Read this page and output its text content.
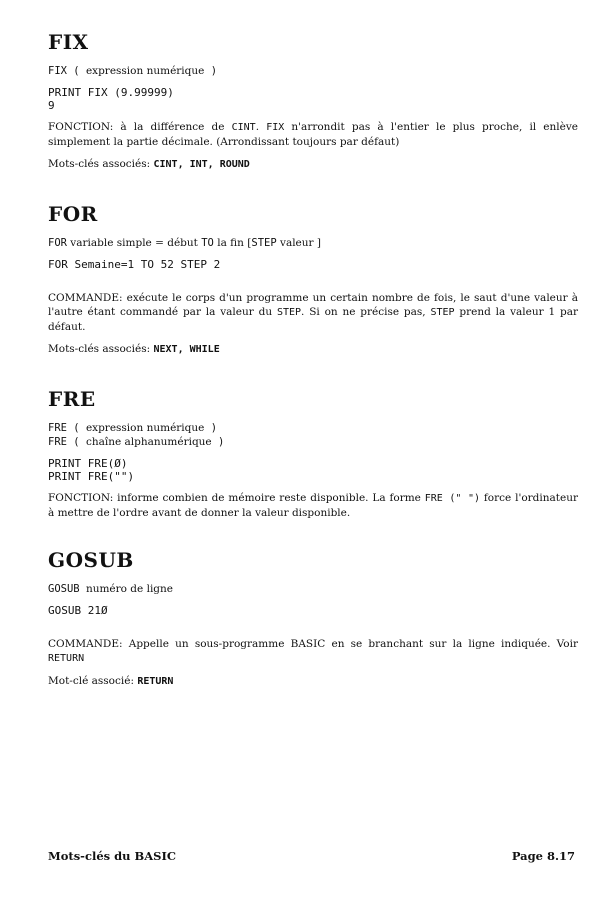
FIX

FIX ( expression numérique )

PRINT FIX (9.99999)

9

FONCTION: à la différence de CINT. FIX n'arrondit pas à l'entier le plus proche, il enlève simplement la partie décimale. (Arrondissant toujours par défaut)

Mots-clés associés: CINT, INT, ROUND

FOR

FOR variable simple = début TO la fin [STEP valeur ]

FOR Semaine=1 TO 52 STEP 2

COMMANDE: exécute le corps d'un programme un certain nombre de fois, le saut d'une valeur à l'autre étant commandé par la valeur du STEP. Si on ne précise pas, STEP prend la valeur 1 par défaut.

Mots-clés associés: NEXT, WHILE

FRE

FRE ( expression numérique )

FRE ( chaîne alphanumérique )

PRINT FRE(Ø)

PRINT FRE("")

FONCTION: informe combien de mémoire reste disponible. La forme FRE (" ") force l'ordinateur à mettre de l'ordre avant de donner la valeur disponible.

GOSUB

GOSUB numéro de ligne

GOSUB 21Ø

COMMANDE: Appelle un sous-programme BASIC en se branchant sur la ligne indiquée. Voir RETURN

Mot-clé associé: RETURN

Mots-clés du BASIC	Page 8.17
